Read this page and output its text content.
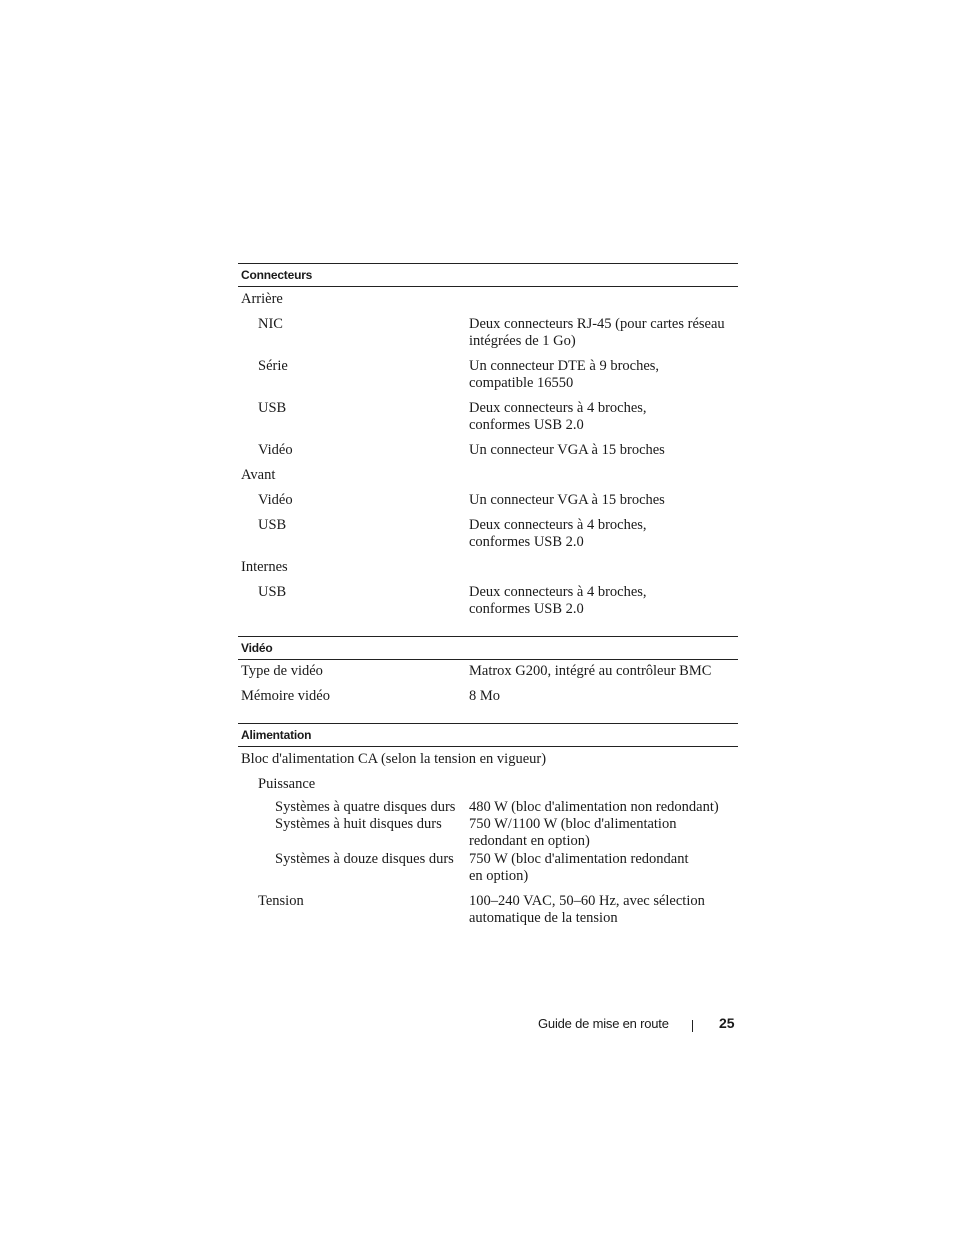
Connecteurs
Arrière
NIC	Deux connecteurs RJ-45 (pour cartes réseau
intégrées de 1 Go)
Série	Un connecteur DTE à 9 broches,
compatible 16550
USB	Deux connecteurs à 4 broches,
conformes USB 2.0
Vidéo	Un connecteur VGA à 15 broches
Avant
Vidéo	Un connecteur VGA à 15 broches
USB	Deux connecteurs à 4 broches,
conformes USB 2.0
Internes
USB	Deux connecteurs à 4 broches,
conformes USB 2.0
Vidéo
Type de vidéo	Matrox G200, intégré au contrôleur BMC
Mémoire vidéo	8 Mo
Alimentation
Bloc d'alimentation CA (selon la tension en vigueur)
Puissance
Systèmes à quatre disques durs 480 W (bloc d'alimentation non redondant)
Systèmes à huit disques durs 750 W/1100 W (bloc d'alimentation
redondant en option)
Systèmes à douze disques durs 750 W (bloc d'alimentation redondant
en option)
Tension	100–240 VAC, 50–60 Hz, avec sélection
automatique de la tension
Guide de mise en route	25
